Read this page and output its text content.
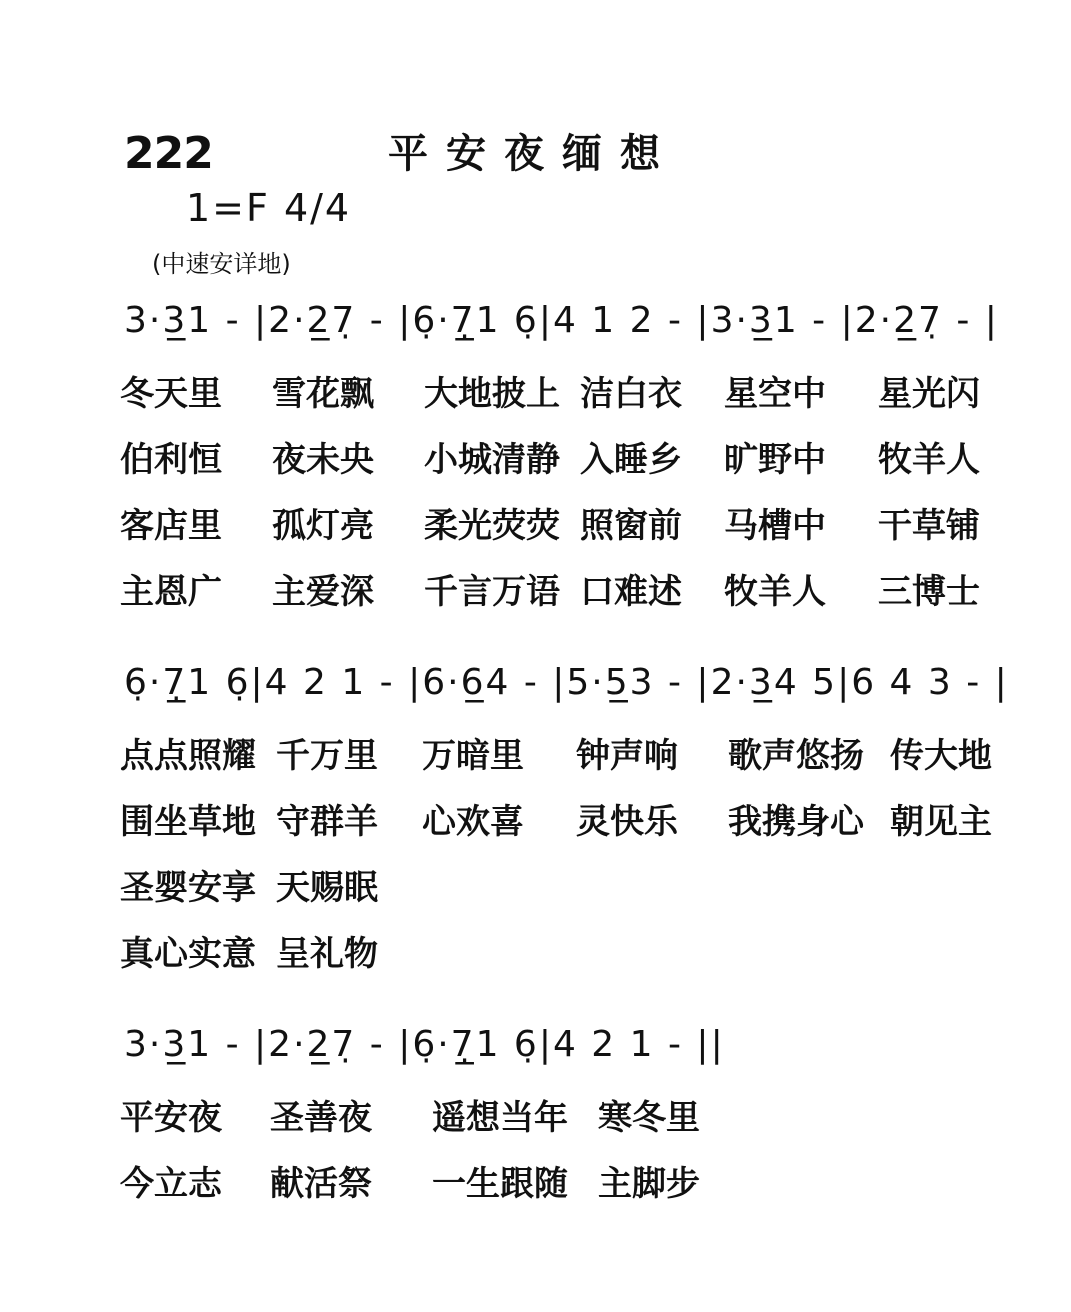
222	平安夜缅想
1=F 4/4
(中速安详地)
3·3̲1 - |2·2̲7̣ - |6̣·7̲̣1 6̣|4 1 2 - |3·3̲1 - |2·2̲7̣ - |
冬天里 雪花飘 大地披上 洁白衣 星空中 星光闪
伯利恒 夜未央 小城清静 入睡乡 旷野中 牧羊人
客店里 孤灯亮 柔光荧荧 照窗前 马槽中 干草铺
主恩广 主爱深 千言万语 口难述 牧羊人 三博士
6̣·7̲̣1 6̣|4 2 1 - |6·6̲4 - |5·5̲3 - |2·3̲4 5|6 4 3 - |
点点照耀 千万里 万暗里 钟声响 歌声悠扬 传大地
围坐草地 守群羊 心欢喜 灵快乐 我携身心 朝见主
圣婴安享 天赐眠
真心实意 呈礼物
3·3̲1 - |2·2̲7̣ - |6̣·7̲̣1 6̣|4 2 1 - ||
平安夜 圣善夜 遥想当年 寒冬里
今立志 献活祭 一生跟随 主脚步
